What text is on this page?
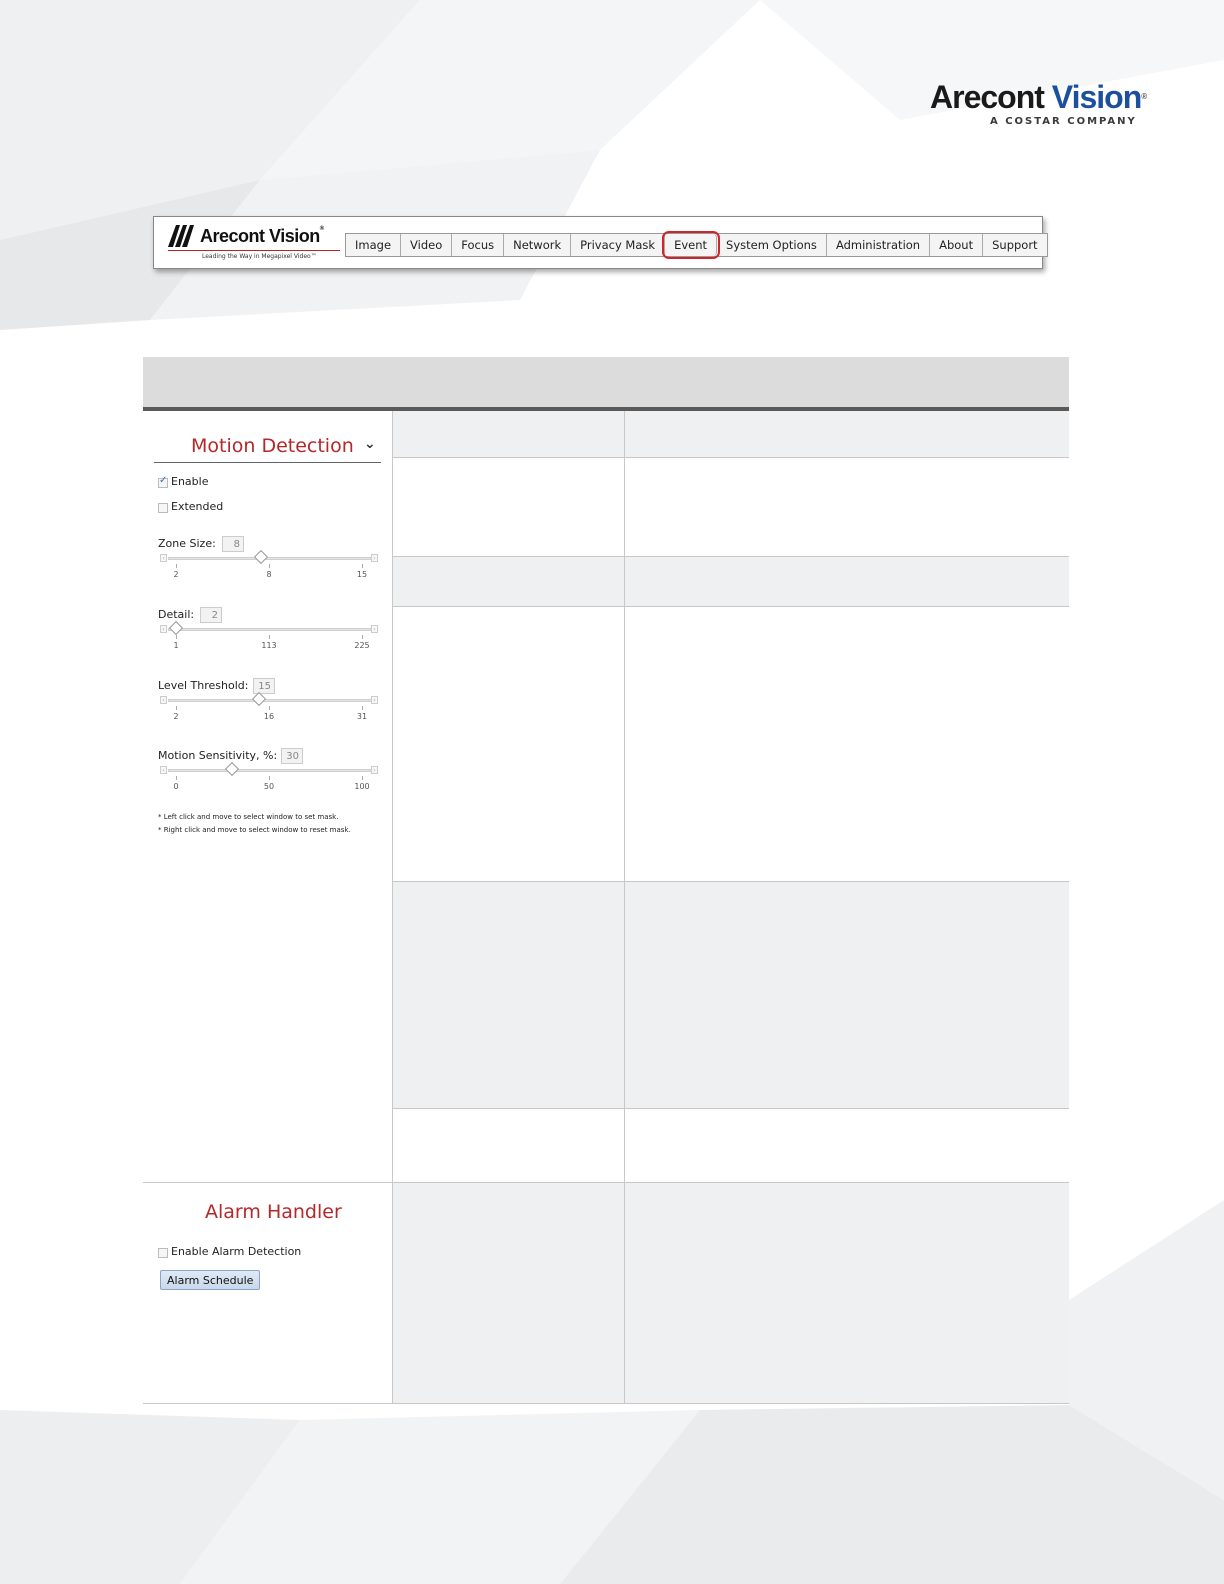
Arecont Vision®
A COSTAR COMPANY
Arecont Vision®
Leading the Way in Megapixel Video™
Image	Video	Focus	Network	Privacy Mask	Event	System Options	Administration	About	Support
Motion Detection ⌄
✓
Enable
Extended
Zone Size:	8
‹	›
2	8	15
Detail:	2
‹	›
1	113	225
Level Threshold: 15
‹	›
2	16	31
Motion Sensitivity, %: 30
‹	›
0	50	100
* Left click and move to select window to set mask.
* Right click and move to select window to reset mask.
Alarm Handler
Enable Alarm Detection
Alarm Schedule
